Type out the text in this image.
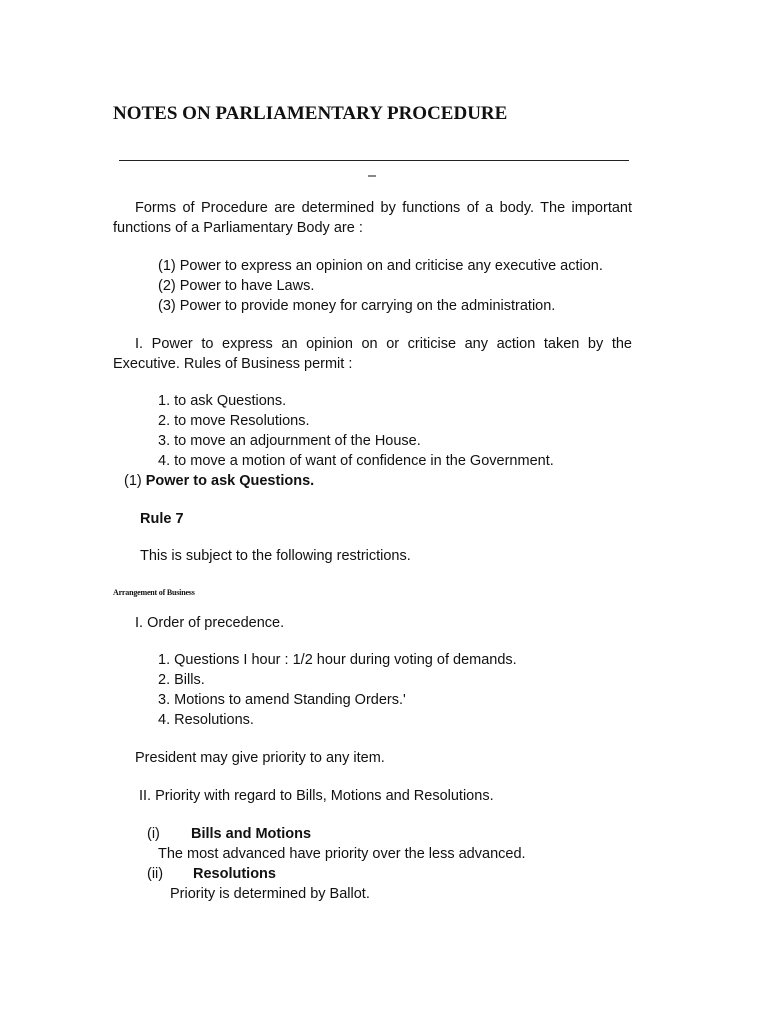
NOTES ON PARLIAMENTARY PROCEDURE
–
Forms of Procedure are determined by functions of a body. The important
functions of a Parliamentary Body are :
(1) Power to express an opinion on and criticise any executive action.
(2) Power to have Laws.
(3) Power to provide money for carrying on the administration.
I. Power to express an opinion on or criticise any action taken by the
Executive. Rules of Business permit :
1. to ask Questions.
2. to move Resolutions.
3. to move an adjournment of the House.
4. to move a motion of want of confidence in the Government.
(1) Power to ask Questions.
Rule 7
This is subject to the following restrictions.
Arrangement of Business
I. Order of precedence.
1. Questions I hour : 1/2 hour during voting of demands.
2. Bills.
3. Motions to amend Standing Orders.'
4. Resolutions.
President may give priority to any item.
II. Priority with regard to Bills, Motions and Resolutions.
(i) Bills and Motions
The most advanced have priority over the less advanced.
(ii) Resolutions
Priority is determined by Ballot.
